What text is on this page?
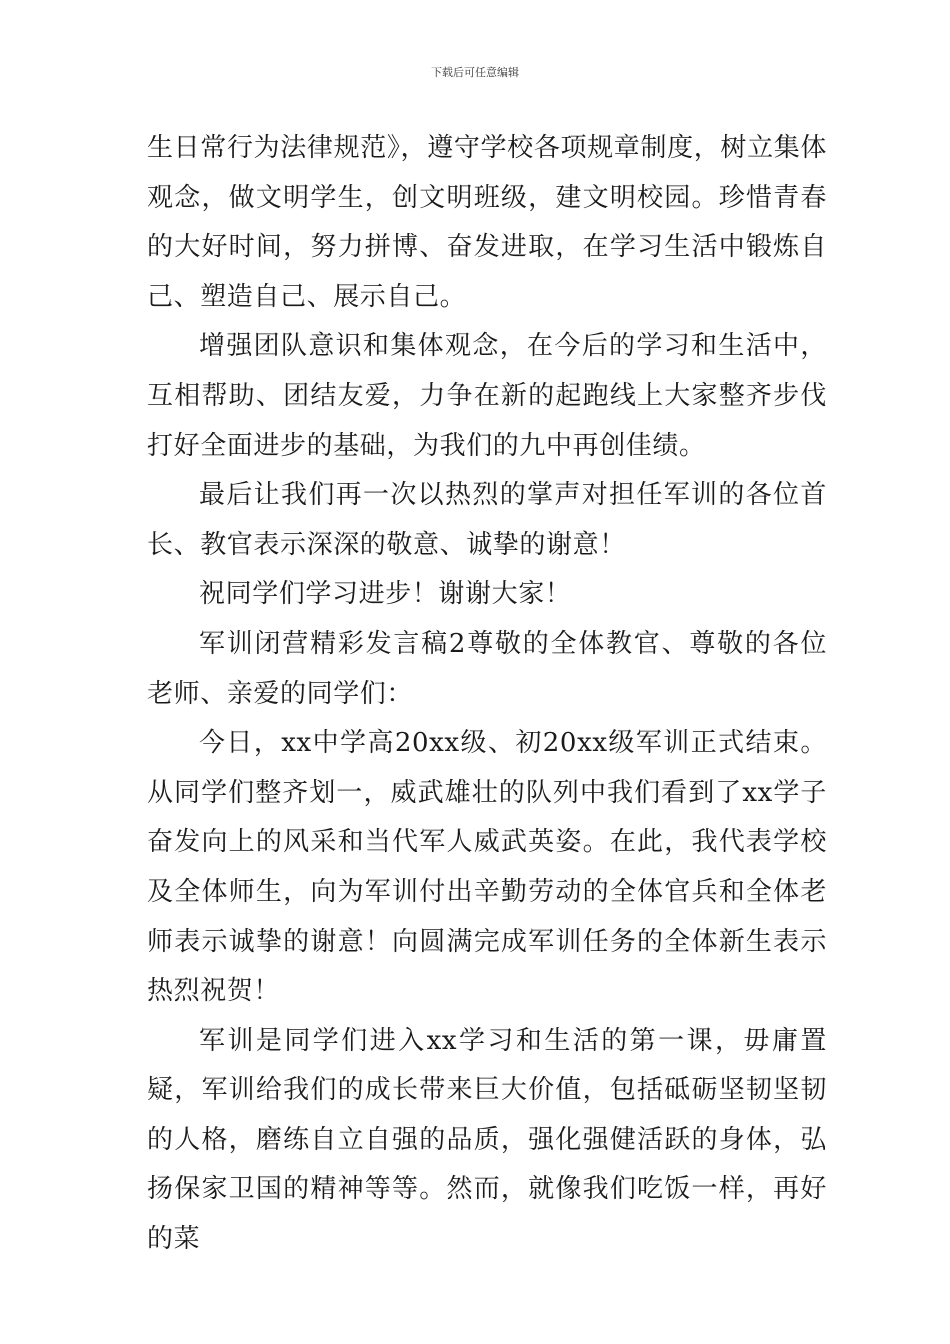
下载后可任意编辑

生日常行为法律规范》，遵守学校各项规章制度，树立集体观念，做文明学生，创文明班级，建文明校园。珍惜青春的大好时间，努力拼博、奋发进取，在学习生活中锻炼自己、塑造自己、展示自己。

增强团队意识和集体观念，在今后的学习和生活中，互相帮助、团结友爱，力争在新的起跑线上大家整齐步伐打好全面进步的基础，为我们的九中再创佳绩。

最后让我们再一次以热烈的掌声对担任军训的各位首长、教官表示深深的敬意、诚挚的谢意！

祝同学们学习进步！谢谢大家！

军训闭营精彩发言稿2尊敬的全体教官、尊敬的各位老师、亲爱的同学们：

今日，xx中学高20xx级、初20xx级军训正式结束。从同学们整齐划一，威武雄壮的队列中我们看到了xx学子奋发向上的风采和当代军人威武英姿。在此，我代表学校及全体师生，向为军训付出辛勤劳动的全体官兵和全体老师表示诚挚的谢意！向圆满完成军训任务的全体新生表示热烈祝贺！

军训是同学们进入xx学习和生活的第一课，毋庸置疑，军训给我们的成长带来巨大价值，包括砥砺坚韧坚韧的人格，磨练自立自强的品质，强化强健活跃的身体，弘扬保家卫国的精神等等。然而，就像我们吃饭一样，再好的菜
